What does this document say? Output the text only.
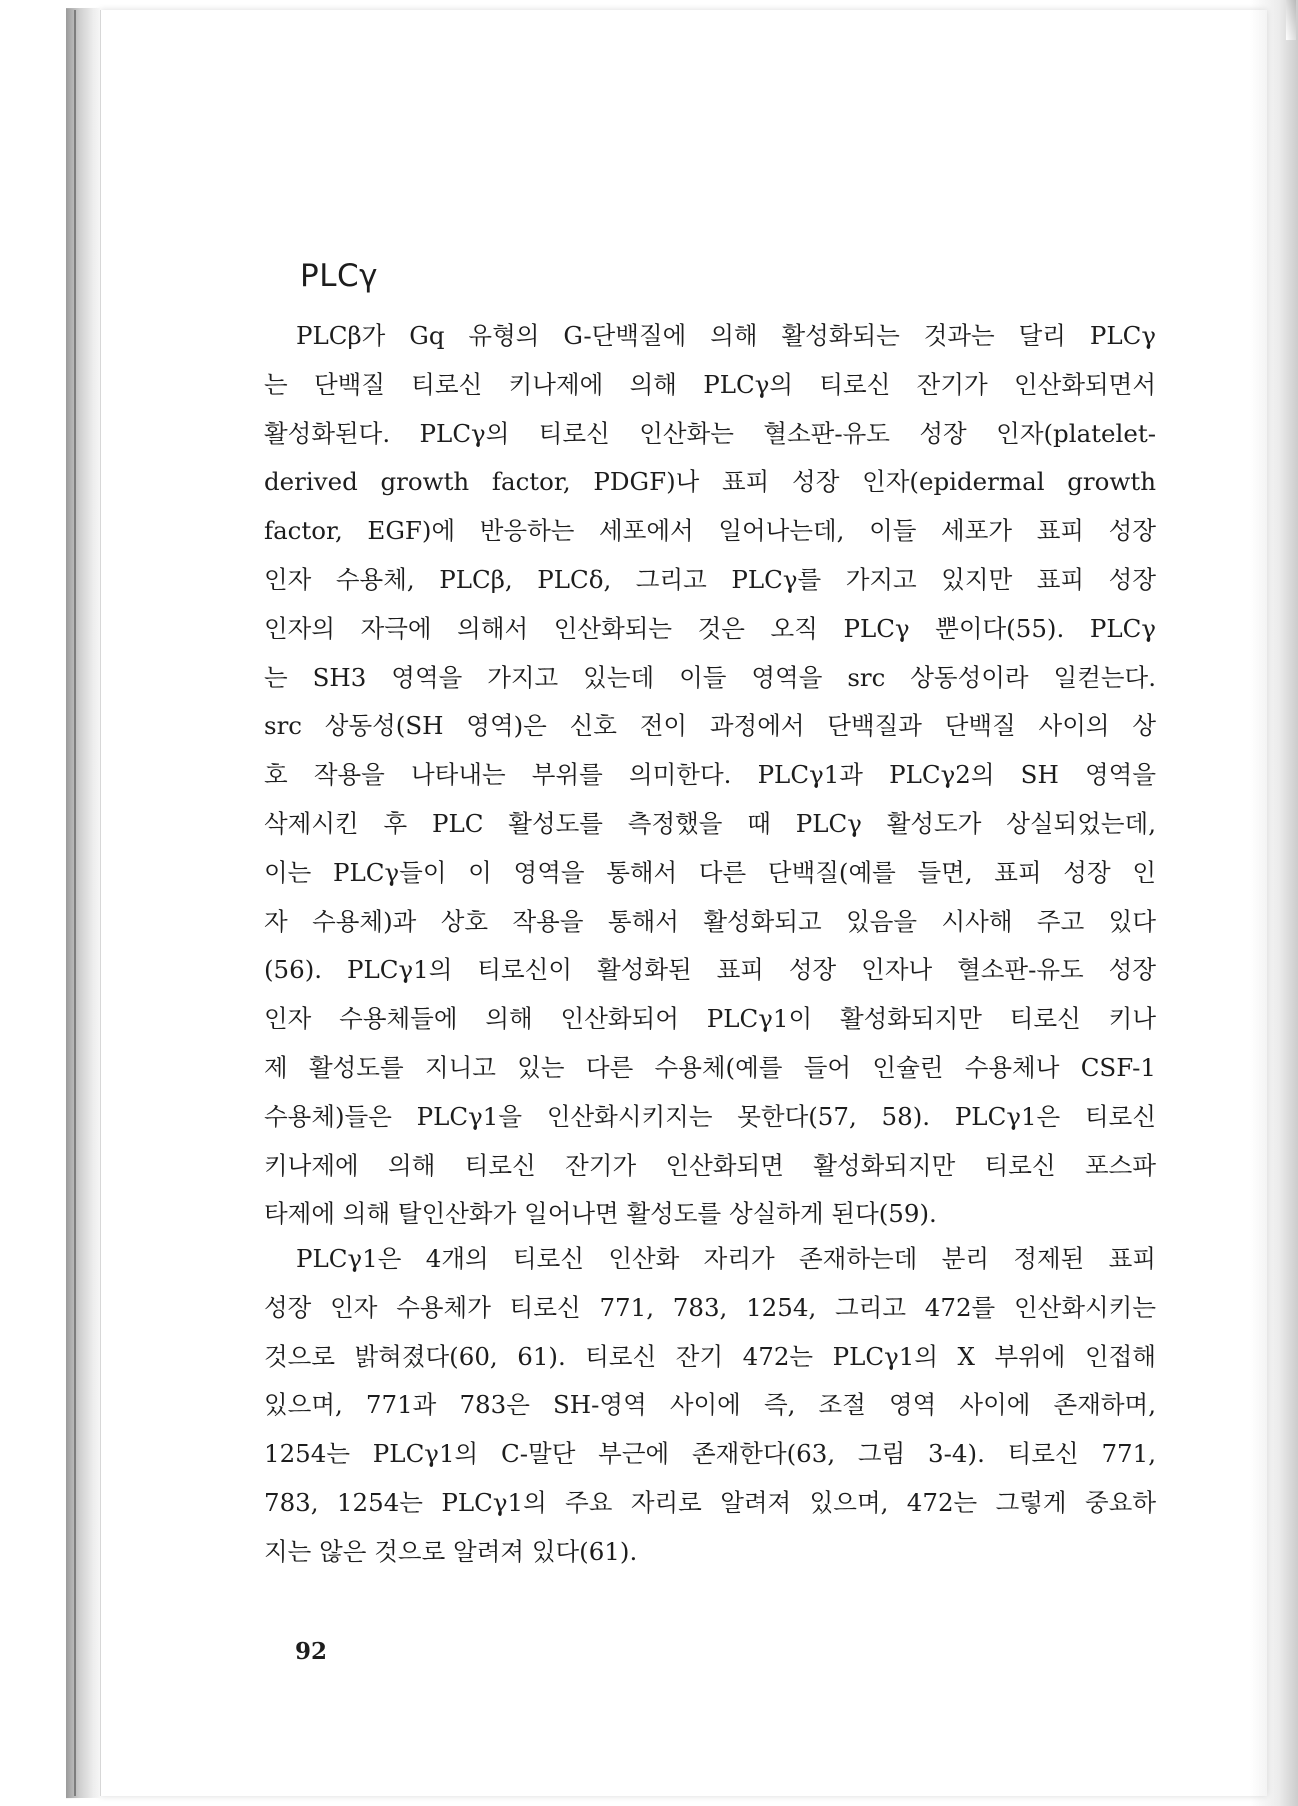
PLCγ
PLCβ가 Gq 유형의 G-단백질에 의해 활성화되는 것과는 달리 PLCγ
는 단백질 티로신 키나제에 의해 PLCγ의 티로신 잔기가 인산화되면서
활성화된다. PLCγ의 티로신 인산화는 혈소판-유도 성장 인자(platelet-
derived growth factor, PDGF)나 표피 성장 인자(epidermal growth
factor, EGF)에 반응하는 세포에서 일어나는데, 이들 세포가 표피 성장
인자 수용체, PLCβ, PLCδ, 그리고 PLCγ를 가지고 있지만 표피 성장
인자의 자극에 의해서 인산화되는 것은 오직 PLCγ 뿐이다(55). PLCγ
는 SH3 영역을 가지고 있는데 이들 영역을 src 상동성이라 일컫는다.
src 상동성(SH 영역)은 신호 전이 과정에서 단백질과 단백질 사이의 상
호 작용을 나타내는 부위를 의미한다. PLCγ1과 PLCγ2의 SH 영역을
삭제시킨 후 PLC 활성도를 측정했을 때 PLCγ 활성도가 상실되었는데,
이는 PLCγ들이 이 영역을 통해서 다른 단백질(예를 들면, 표피 성장 인
자 수용체)과 상호 작용을 통해서 활성화되고 있음을 시사해 주고 있다
(56). PLCγ1의 티로신이 활성화된 표피 성장 인자나 혈소판-유도 성장
인자 수용체들에 의해 인산화되어 PLCγ1이 활성화되지만 티로신 키나
제 활성도를 지니고 있는 다른 수용체(예를 들어 인슐린 수용체나 CSF-1
수용체)들은 PLCγ1을 인산화시키지는 못한다(57, 58). PLCγ1은 티로신
키나제에 의해 티로신 잔기가 인산화되면 활성화되지만 티로신 포스파
타제에 의해 탈인산화가 일어나면 활성도를 상실하게 된다(59).
PLCγ1은 4개의 티로신 인산화 자리가 존재하는데 분리 정제된 표피
성장 인자 수용체가 티로신 771, 783, 1254, 그리고 472를 인산화시키는
것으로 밝혀졌다(60, 61). 티로신 잔기 472는 PLCγ1의 X 부위에 인접해
있으며, 771과 783은 SH-영역 사이에 즉, 조절 영역 사이에 존재하며,
1254는 PLCγ1의 C-말단 부근에 존재한다(63, 그림 3-4). 티로신 771,
783, 1254는 PLCγ1의 주요 자리로 알려져 있으며, 472는 그렇게 중요하
지는 않은 것으로 알려져 있다(61).
92
